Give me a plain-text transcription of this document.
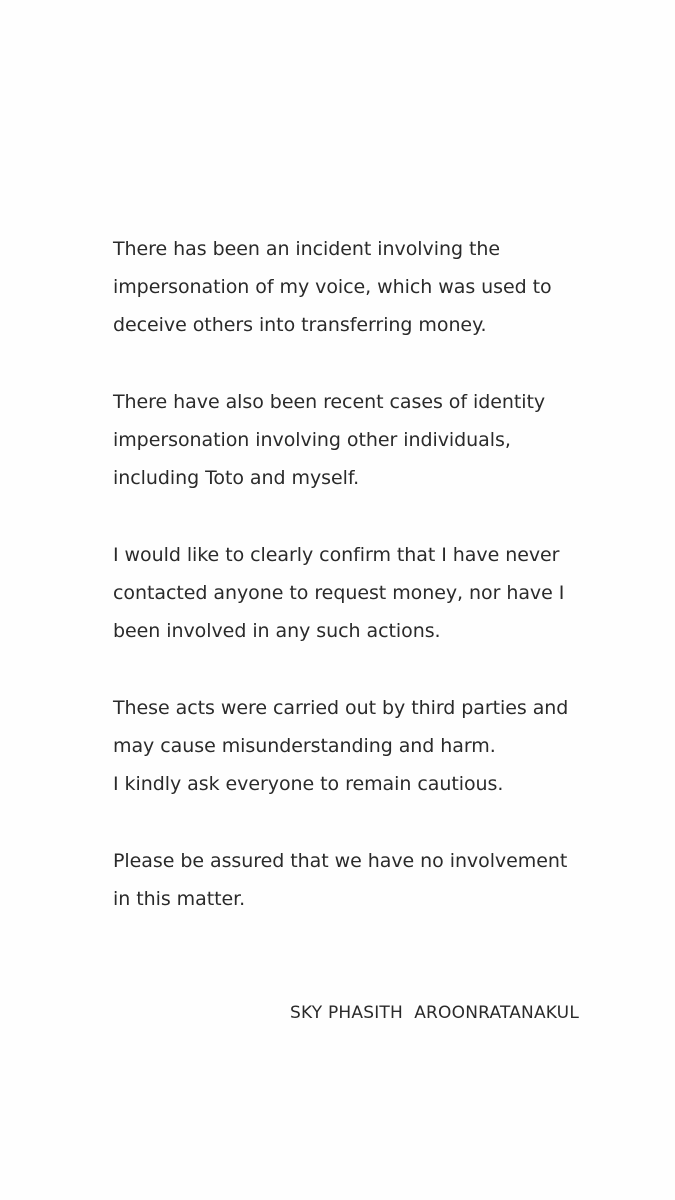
There has been an incident involving the
impersonation of my voice, which was used to
deceive others into transferring money.

There have also been recent cases of identity
impersonation involving other individuals,
including Toto and myself.

I would like to clearly confirm that I have never
contacted anyone to request money, nor have I
been involved in any such actions.

These acts were carried out by third parties and
may cause misunderstanding and harm.
I kindly ask everyone to remain cautious.

Please be assured that we have no involvement
in this matter.

SKY PHASITH  AROONRATANAKUL
